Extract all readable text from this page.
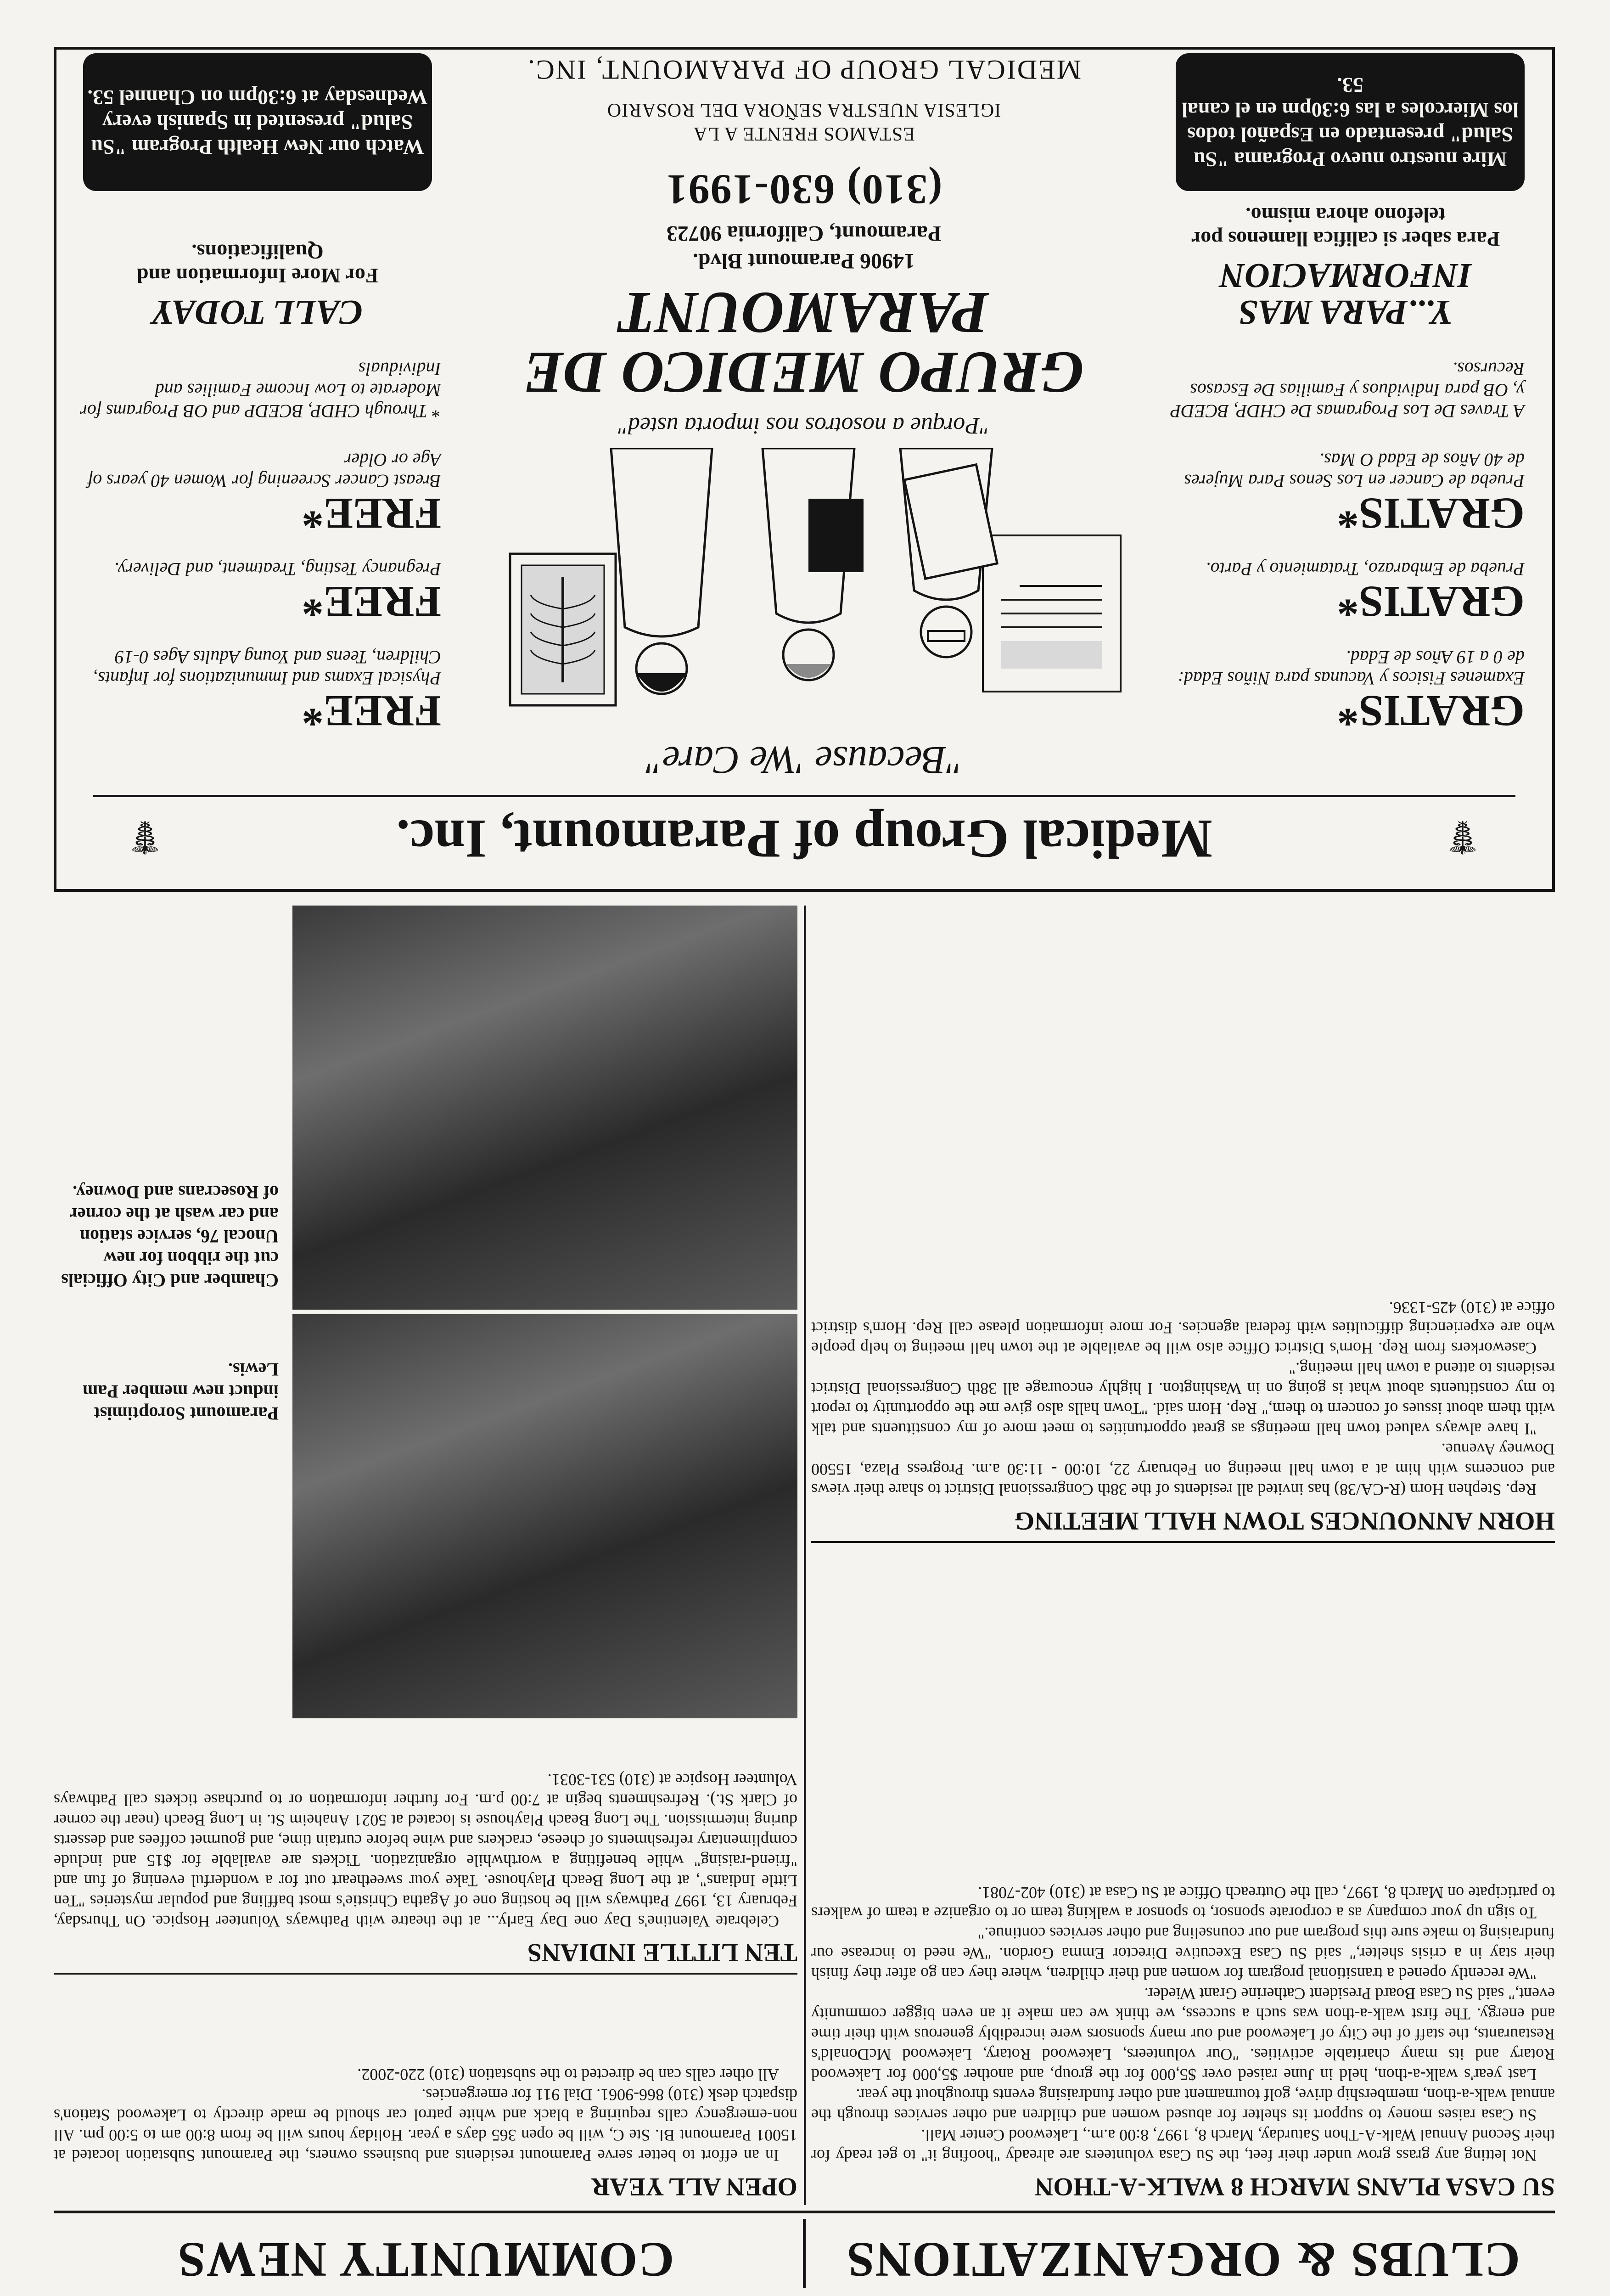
CLUBS & ORGANIZATIONS
COMMUNITY NEWS
SU CASA PLANS MARCH 8 WALK-A-THON

Not letting any grass grow under their feet, the Su Casa volunteers are already "hoofing it" to get ready for their Second Annual Walk-A-Thon Saturday, March 8, 1997, 8:00 a.m., Lakewood Center Mall.

Su Casa raises money to support its shelter for abused women and children and other services through the annual walk-a-thon, membership drive, golf tournament and other fundraising events throughout the year.

Last year's walk-a-thon, held in June raised over $5,000 for the group, and another $5,000 for Lakewood Rotary and its many charitable activities. "Our volunteers, Lakewood Rotary, Lakewood McDonald's Restaurants, the staff of the City of Lakewood and our many sponsors were incredibly generous with their time and energy. The first walk-a-thon was such a success, we think we can make it an even bigger community event," said Su Casa Board President Catherine Grant Wieder.

"We recently opened a transitional program for women and their children, where they can go after they finish their stay in a crisis shelter," said Su Casa Executive Director Emma Gordon. "We need to increase our fundraising to make sure this program and our counseling and other services continue."

To sign up your company as a corporate sponsor, to sponsor a walking team or to organize a team of walkers to participate on March 8, 1997, call the Outreach Office at Su Casa at (310) 402-7081.

HORN ANNOUNCES TOWN HALL MEETING

Rep. Stephen Horn (R-CA/38) has invited all residents of the 38th Congressional District to share their views and concerns with him at a town hall meeting on February 22, 10:00 - 11:30 a.m. Progress Plaza, 15500 Downey Avenue.

"I have always valued town hall meetings as great opportunities to meet more of my constituents and talk with them about issues of concern to them," Rep. Horn said. "Town halls also give me the opportunity to report to my constituents about what is going on in Washington. I highly encourage all 38th Congressional District residents to attend a town hall meeting."

Caseworkers from Rep. Horn's District Office also will be available at the town hall meeting to help people who are experiencing difficulties with federal agencies. For more information please call Rep. Horn's district office at (310) 425-1336.

OPEN ALL YEAR

In an effort to better serve Paramount residents and business owners, the Paramount Substation located at 15001 Paramount Bl. Ste C, will be open 365 days a year. Holiday hours will be from 8:00 am to 5:00 pm. All non-emergency calls requiring a black and white patrol car should be made directly to Lakewood Station's dispatch desk (310) 866-9061. Dial 911 for emergencies.

All other calls can be directed to the substation (310) 220-2002.

TEN LITTLE INDIANS

Celebrate Valentine's Day one Day Early... at the theatre with Pathways Volunteer Hospice. On Thursday, February 13, 1997 Pathways will be hosting one of Agatha Christie's most baffling and popular mysteries "Ten Little Indians", at the Long Beach Playhouse. Take your sweetheart out for a wonderful evening of fun and "friend-raising" while benefiting a worthwhile organization. Tickets are available for $15 and include complimentary refreshments of cheese, crackers and wine before curtain time, and gourmet coffees and desserts during intermission. The Long Beach Playhouse is located at 5021 Anaheim St. in Long Beach (near the corner of Clark St.). Refreshments begin at 7:00 p.m. For further information or to purchase tickets call Pathways Volunteer Hospice at (310) 531-3031.

Paramount Soroptimist induct new member Pam Lewis.
Chamber and City Officials cut the ribbon for new Unocal 76, service station and car wash at the corner of Rosecrans and Downey.
Medical Group of Paramount, Inc.	☤
☤
"Because 'We Care"
GRATIS*
Examenes Fisicos y Vacunas para Niños Edad: de 0 a 19 Años de Edad.
GRATIS*
Prueba de Embarazo, Tratamiento y Parto.
GRATIS*
Prueba de Cancer en Los Senos Para Mujeres de 40 Años de Edad O Mas.
A Traves De Los Programas De CHDP, BCEDP y, OB para Individuos y Familias De Escasos Recursos.
Y...PARA MAS INFORMACION
Para saber si califica llamenos por telefono ahora mismo.
Mire nuestro nuevo Programa "Su Salud" presentado en Español todos los Miercoles a las 6:30pm en el canal 53.
FREE*
Physical Exams and Immunizations for Infants, Children, Teens and Young Adults Ages 0-19
FREE*
Pregnancy Testing, Treatment, and Delivery.
FREE*
Breast Cancer Screening for Women 40 years of Age or Older
* Through CHDP, BCEDP and OB Programs for Moderate to Low Income Families and Individuals
CALL TODAY
For More Information and Qualifications.
Watch our New Health Program "Su Salud" presented in Spanish every Wednesday at 6:30pm on Channel 53.
"Porque a nosotros nos importa usted"
GRUPO MEDICO DE PARAMOUNT
14906 Paramount Blvd.
Paramount, California 90723
(310) 630-1991
ESTAMOS FRENTE A LA
IGLESIA NUESTRA SEÑORA DEL ROSARIO
MEDICAL GROUP OF PARAMOUNT, INC.
